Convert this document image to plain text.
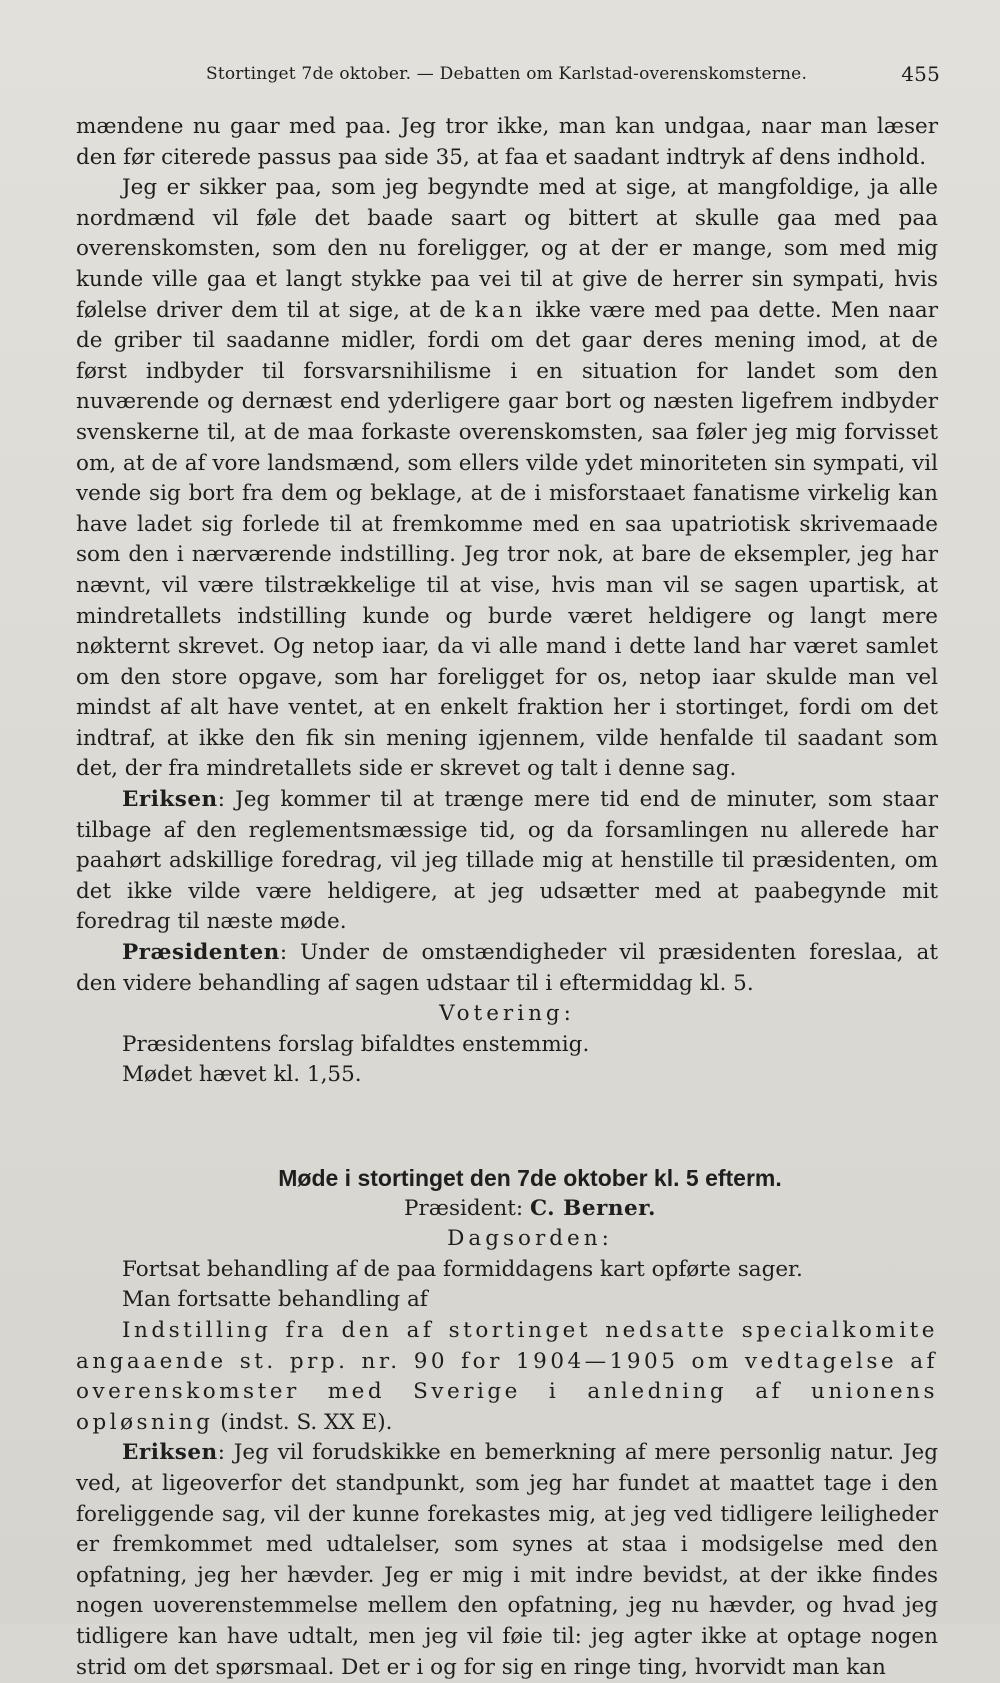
Stortinget 7de oktober. — Debatten om Karlstad-overenskomsterne.	455

mændene nu gaar med paa. Jeg tror ikke, man kan undgaa, naar man læser den før citerede passus paa side 35, at faa et saadant indtryk af dens indhold.

Jeg er sikker paa, som jeg begyndte med at sige, at mangfoldige, ja alle nordmænd vil føle det baade saart og bittert at skulle gaa med paa overenskomsten, som den nu foreligger, og at der er mange, som med mig kunde ville gaa et langt stykke paa vei til at give de herrer sin sympati, hvis følelse driver dem til at sige, at de kan ikke være med paa dette. Men naar de griber til saadanne midler, fordi om det gaar deres mening imod, at de først indbyder til forsvarsnihilisme i en situation for landet som den nuværende og dernæst end yderligere gaar bort og næsten ligefrem indbyder svenskerne til, at de maa forkaste overenskomsten, saa føler jeg mig forvisset om, at de af vore landsmænd, som ellers vilde ydet minoriteten sin sympati, vil vende sig bort fra dem og beklage, at de i misforstaaet fanatisme virkelig kan have ladet sig forlede til at fremkomme med en saa upatriotisk skrivemaade som den i nærværende indstilling. Jeg tror nok, at bare de eksempler, jeg har nævnt, vil være tilstrækkelige til at vise, hvis man vil se sagen upartisk, at mindretallets indstilling kunde og burde været heldigere og langt mere nøkternt skrevet. Og netop iaar, da vi alle mand i dette land har været samlet om den store opgave, som har foreligget for os, netop iaar skulde man vel mindst af alt have ventet, at en enkelt fraktion her i stortinget, fordi om det indtraf, at ikke den fik sin mening igjennem, vilde henfalde til saadant som det, der fra mindretallets side er skrevet og talt i denne sag.

Eriksen: Jeg kommer til at trænge mere tid end de minuter, som staar tilbage af den reglementsmæssige tid, og da forsamlingen nu allerede har paahørt adskillige foredrag, vil jeg tillade mig at henstille til præsidenten, om det ikke vilde være heldigere, at jeg udsætter med at paabegynde mit foredrag til næste møde.

Præsidenten: Under de omstændigheder vil præsidenten foreslaa, at den videre behandling af sagen udstaar til i eftermiddag kl. 5.

Votering:

Præsidentens forslag bifaldtes enstemmig.

Mødet hævet kl. 1,55.

Møde i stortinget den 7de oktober kl. 5 efterm.

Præsident: C. Berner.

Dagsorden:

Fortsat behandling af de paa formiddagens kart opførte sager.

Man fortsatte behandling af

Indstilling fra den af stortinget nedsatte specialkomite angaaende st. prp. nr. 90 for 1904—1905 om vedtagelse af overenskomster med Sverige i anledning af unionens opløsning (indst. S. XX E).

Eriksen: Jeg vil forudskikke en bemerkning af mere personlig natur. Jeg ved, at ligeoverfor det standpunkt, som jeg har fundet at maattet tage i den foreliggende sag, vil der kunne forekastes mig, at jeg ved tidligere leiligheder er fremkommet med udtalelser, som synes at staa i modsigelse med den opfatning, jeg her hævder. Jeg er mig i mit indre bevidst, at der ikke findes nogen uoverenstemmelse mellem den opfatning, jeg nu hævder, og hvad jeg tidligere kan have udtalt, men jeg vil føie til: jeg agter ikke at optage nogen strid om det spørsmaal. Det er i og for sig en ringe ting, hvorvidt man kan
